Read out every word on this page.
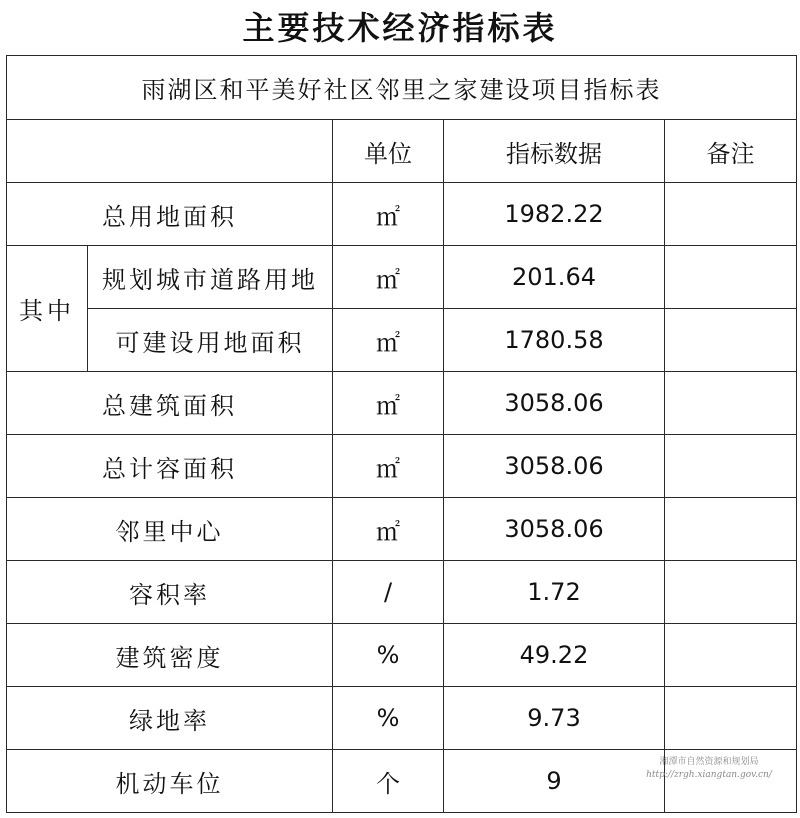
主要技术经济指标表
雨湖区和平美好社区邻里之家建设项目指标表				
		单位	指标数据	备注
总用地面积		㎡	1982.22	
其中	规划城市道路用地	㎡	201.64	
	可建设用地面积	㎡	1780.58	
总建筑面积		㎡	3058.06	
总计容面积		㎡	3058.06	
邻里中心		㎡	3058.06	
容积率		/	1.72	
建筑密度		%	49.22	
绿地率		%	9.73	
机动车位		个	9	
湘潭市自然资源和规划局
http://zrgh.xiangtan.gov.cn/
